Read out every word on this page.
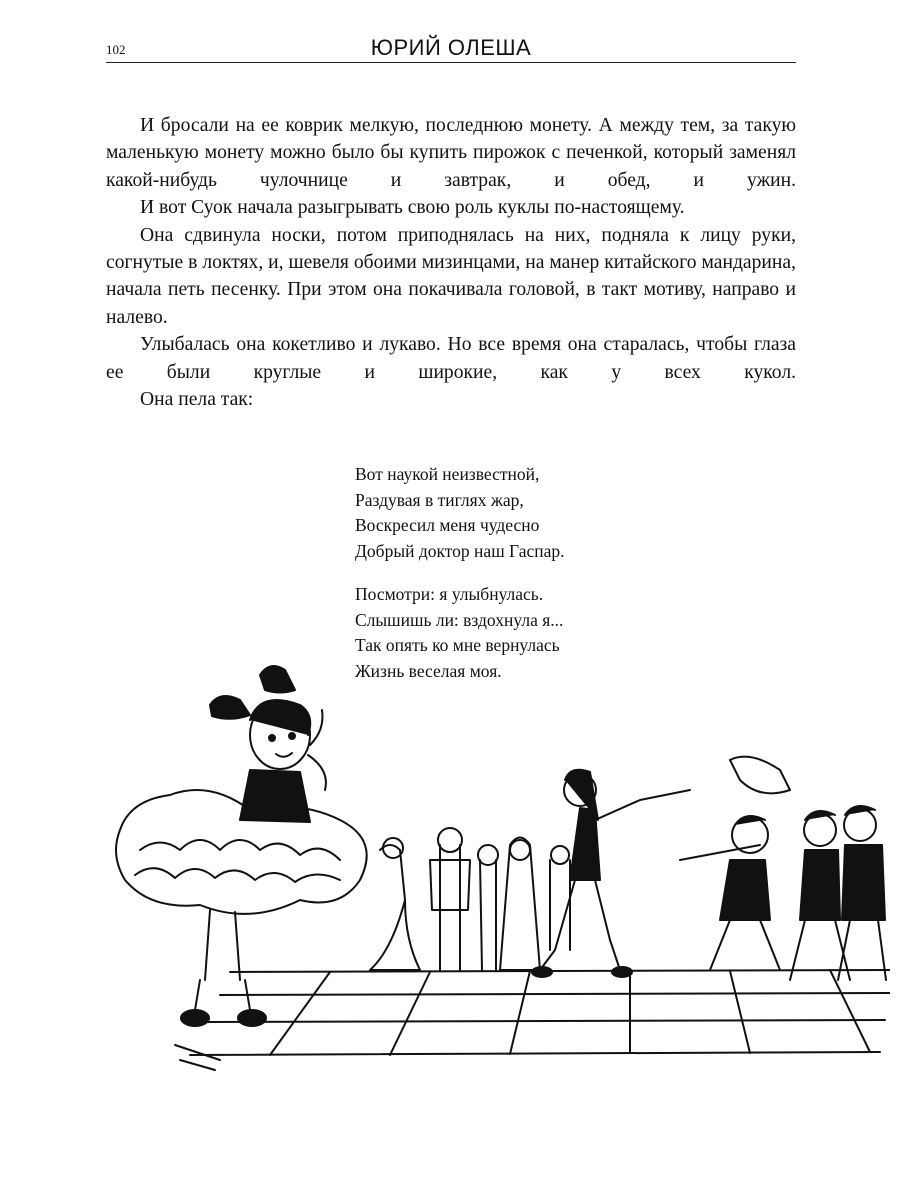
102	ЮРИЙ ОЛЕША

И бросали на ее коврик мелкую, последнюю монету. А между тем, за такую маленькую монету можно было бы купить пирожок с печенкой, который заменял какой-нибудь чулочнице и завтрак, и обед, и ужин.

И вот Суок начала разыгрывать свою роль куклы по-настоящему.

Она сдвинула носки, потом приподнялась на них, подняла к лицу руки, согнутые в локтях, и, шевеля обоими мизинцами, на манер китайского мандарина, начала петь песенку. При этом она покачивала головой, в такт мотиву, направо и налево.

Улыбалась она кокетливо и лукаво. Но все время она старалась, чтобы глаза ее были круглые и широкие, как у всех кукол.

Она пела так:

Вот наукой неизвестной,
Раздувая в тиглях жар,
Воскресил меня чудесно
Добрый доктор наш Гаспар.
Посмотри: я улыбнулась.
Слышишь ли: вздохнула я...
Так опять ко мне вернулась
Жизнь веселая моя.
